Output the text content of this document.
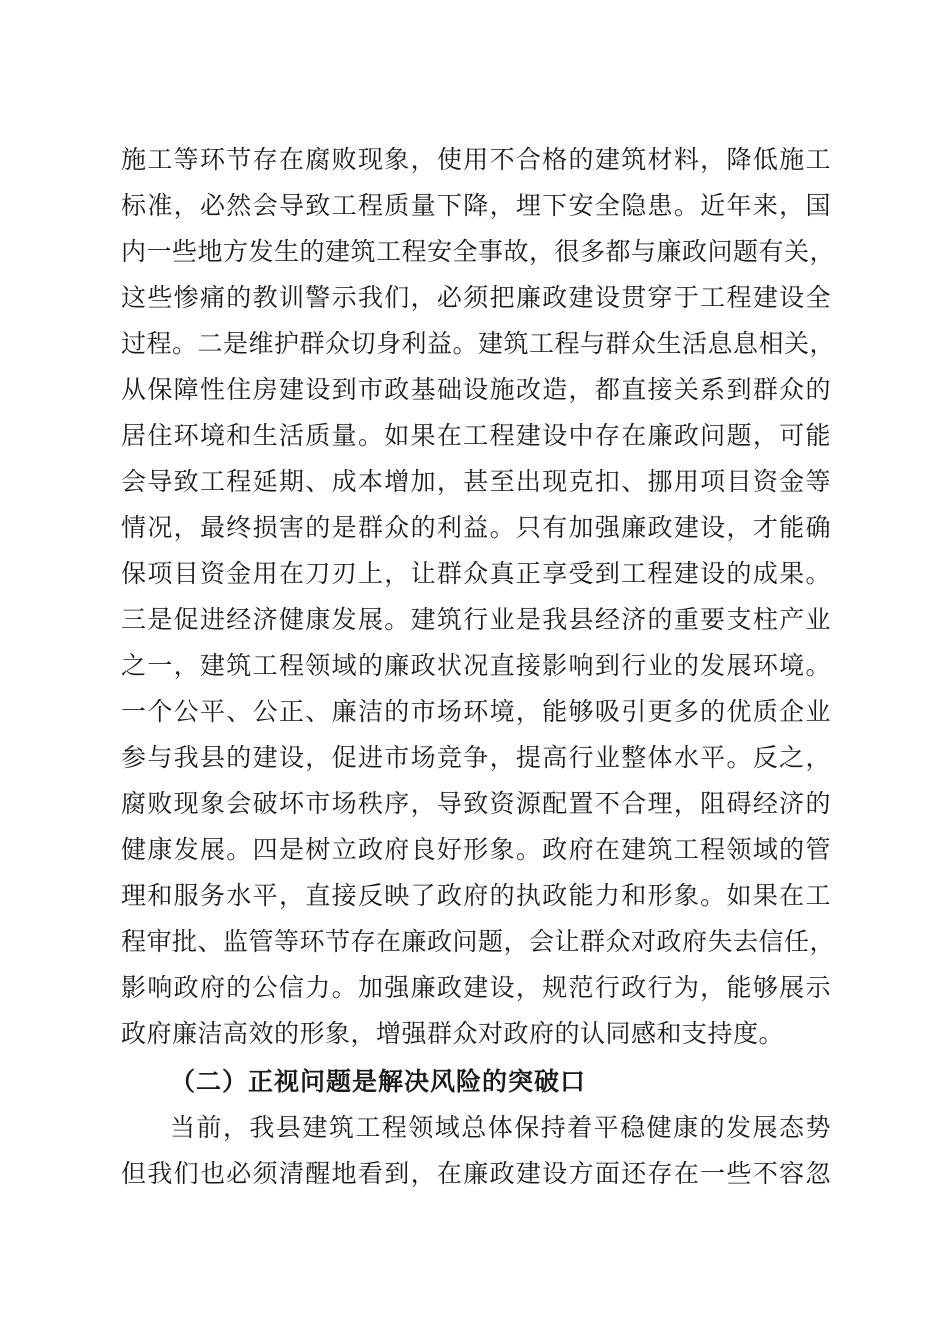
施工等环节存在腐败现象，使用不合格的建筑材料，降低施工
标准，必然会导致工程质量下降，埋下安全隐患。近年来，国
内一些地方发生的建筑工程安全事故，很多都与廉政问题有关，
这些惨痛的教训警示我们，必须把廉政建设贯穿于工程建设全
过程。二是维护群众切身利益。建筑工程与群众生活息息相关，
从保障性住房建设到市政基础设施改造，都直接关系到群众的
居住环境和生活质量。如果在工程建设中存在廉政问题，可能
会导致工程延期、成本增加，甚至出现克扣、挪用项目资金等
情况，最终损害的是群众的利益。只有加强廉政建设，才能确
保项目资金用在刀刃上，让群众真正享受到工程建设的成果。
三是促进经济健康发展。建筑行业是我县经济的重要支柱产业
之一，建筑工程领域的廉政状况直接影响到行业的发展环境。
一个公平、公正、廉洁的市场环境，能够吸引更多的优质企业
参与我县的建设，促进市场竞争，提高行业整体水平。反之，
腐败现象会破坏市场秩序，导致资源配置不合理，阻碍经济的
健康发展。四是树立政府良好形象。政府在建筑工程领域的管
理和服务水平，直接反映了政府的执政能力和形象。如果在工
程审批、监管等环节存在廉政问题，会让群众对政府失去信任，
影响政府的公信力。加强廉政建设，规范行政行为，能够展示
政府廉洁高效的形象，增强群众对政府的认同感和支持度。
（二）正视问题是解决风险的突破口
当前，我县建筑工程领域总体保持着平稳健康的发展态势
但我们也必须清醒地看到，在廉政建设方面还存在一些不容忽
